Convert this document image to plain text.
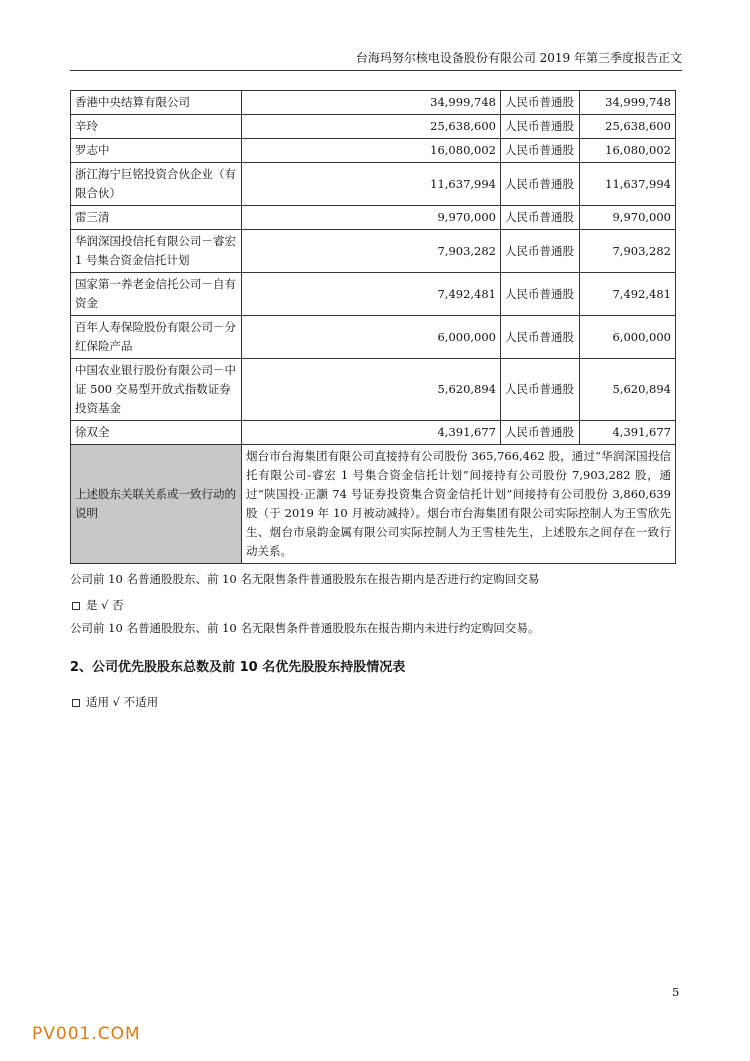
台海玛努尔核电设备股份有限公司 2019 年第三季度报告正文
香港中央结算有限公司	34,999,748	人民币普通股	34,999,748
辛玲	25,638,600	人民币普通股	25,638,600
罗志中	16,080,002	人民币普通股	16,080,002
浙江海宁巨铭投资合伙企业（有限合伙）	11,637,994	人民币普通股	11,637,994
雷三清	9,970,000	人民币普通股	9,970,000
华润深国投信托有限公司－睿宏 1 号集合资金信托计划	7,903,282	人民币普通股	7,903,282
国家第一养老金信托公司－自有资金	7,492,481	人民币普通股	7,492,481
百年人寿保险股份有限公司－分红保险产品	6,000,000	人民币普通股	6,000,000
中国农业银行股份有限公司－中证 500 交易型开放式指数证券投资基金	5,620,894	人民币普通股	5,620,894
徐双全	4,391,677	人民币普通股	4,391,677
上述股东关联关系或一致行动的说明	烟台市台海集团有限公司直接持有公司股份 365,766,462 股，通过“华润深国投信托有限公司-睿宏 1 号集合资金信托计划”间接持有公司股份 7,903,282 股，通过“陕国投·正灏 74 号证券投资集合资金信托计划”间接持有公司股份 3,860,639 股（于 2019 年 10 月被动减持）。烟台市台海集团有限公司实际控制人为王雪欣先生、烟台市泉韵金属有限公司实际控制人为王雪桂先生，上述股东之间存在一致行动关系。		
公司前 10 名普通股股东、前 10 名无限售条件普通股股东在报告期内是否进行约定购回交易
是 √ 否
公司前 10 名普通股股东、前 10 名无限售条件普通股股东在报告期内未进行约定购回交易。
2、公司优先股股东总数及前 10 名优先股股东持股情况表
适用 √ 不适用
5
PV001.COM
